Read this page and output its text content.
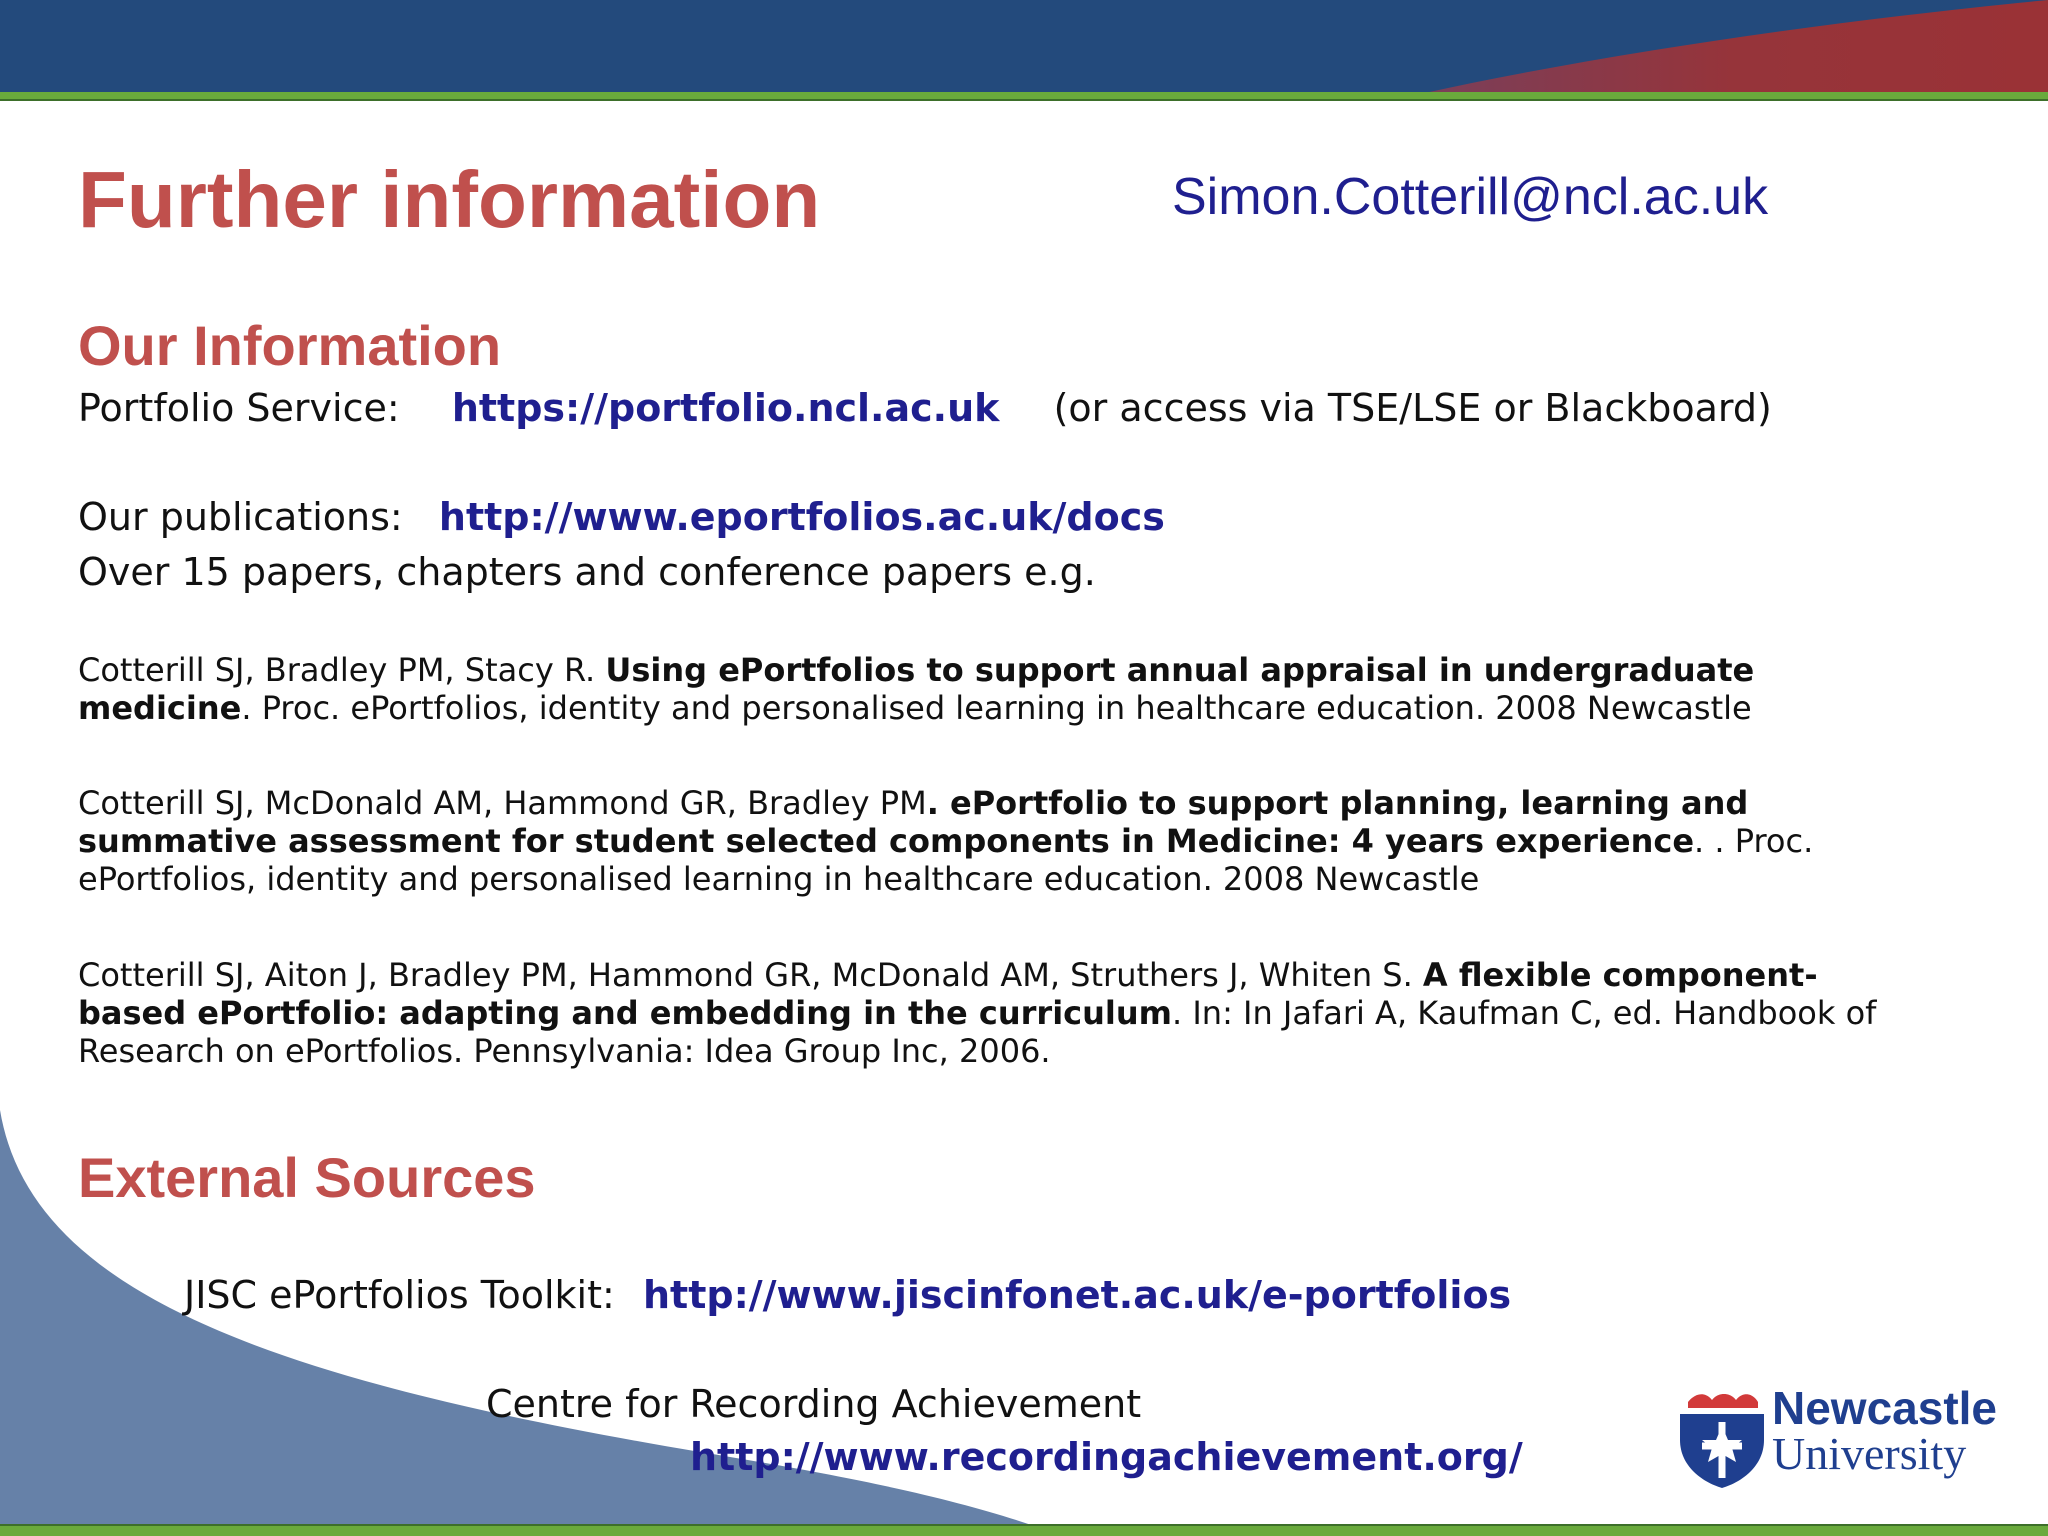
Further information	Simon.Cotterill@ncl.ac.uk
Our Information
Portfolio Service: https://portfolio.ncl.ac.uk (or access via TSE/LSE or Blackboard)
Our publications: http://www.eportfolios.ac.uk/docs
Over 15 papers, chapters and conference papers e.g.

Cotterill SJ, Bradley PM, Stacy R. Using ePortfolios to support annual appraisal in undergraduate medicine. Proc. ePortfolios, identity and personalised learning in healthcare education. 2008 Newcastle

Cotterill SJ, McDonald AM, Hammond GR, Bradley PM. ePortfolio to support planning, learning and summative assessment for student selected components in Medicine: 4 years experience. . Proc. ePortfolios, identity and personalised learning in healthcare education. 2008 Newcastle

Cotterill SJ, Aiton J, Bradley PM, Hammond GR, McDonald AM, Struthers J, Whiten S. A flexible component-based ePortfolio: adapting and embedding in the curriculum. In: In Jafari A, Kaufman C, ed. Handbook of Research on ePortfolios. Pennsylvania: Idea Group Inc, 2006.

External Sources
JISC ePortfolios Toolkit: http://www.jiscinfonet.ac.uk/e-portfolios
Centre for Recording Achievement
http://www.recordingachievement.org/
Newcastle
University
